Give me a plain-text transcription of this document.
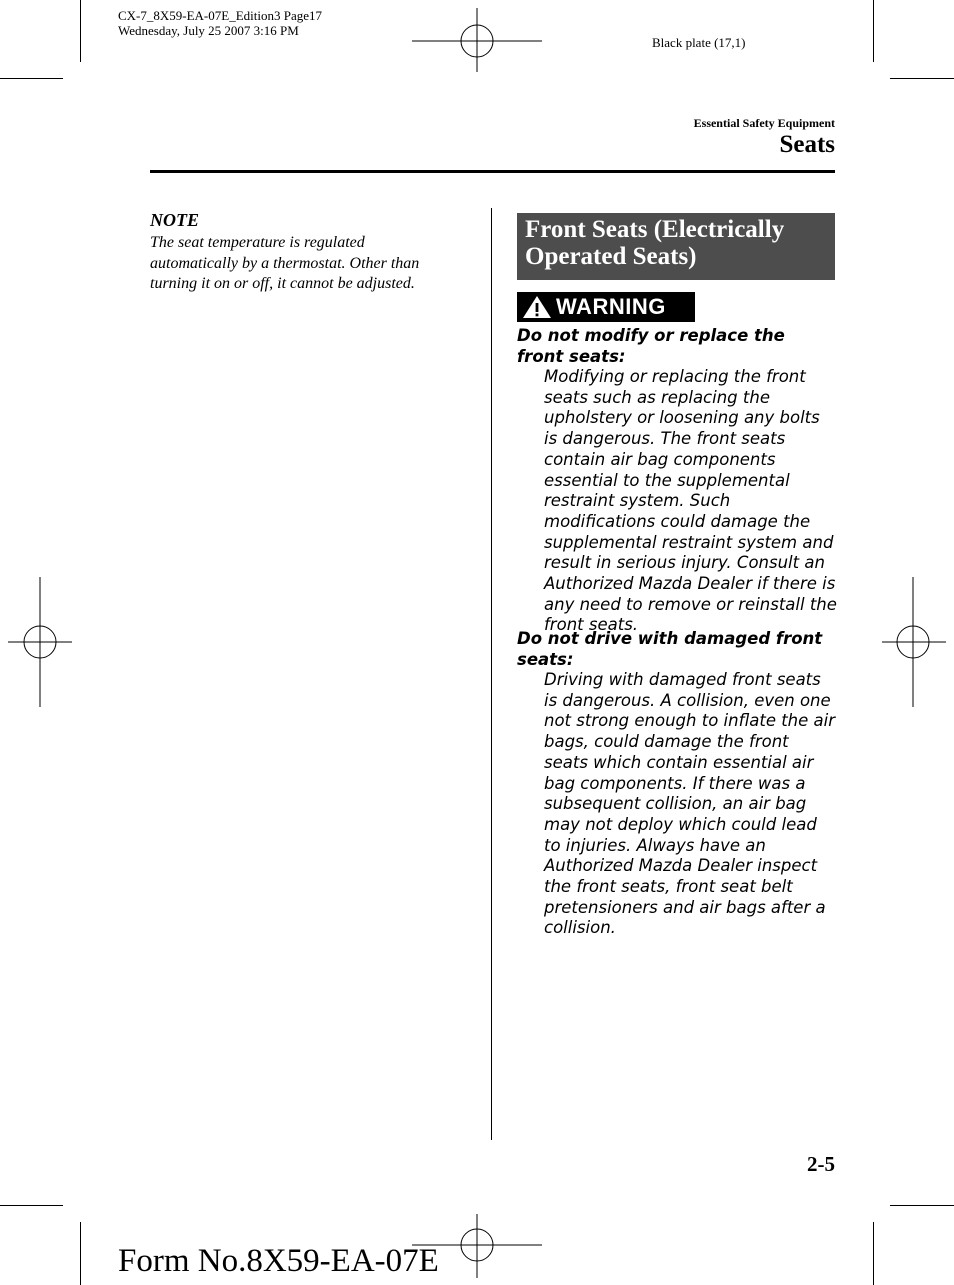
CX-7_8X59-EA-07E_Edition3 Page17
Wednesday, July 25 2007 3:16 PM
Black plate (17,1)
Essential Safety Equipment
Seats
NOTE
The seat temperature is regulated automatically by a thermostat. Other than turning it on or off, it cannot be adjusted.
Front Seats (Electrically
Operated Seats)
WARNING
Do not modify or replace the front seats:
Modifying or replacing the front seats such as replacing the upholstery or loosening any bolts is dangerous. The front seats contain air bag components essential to the supplemental restraint system. Such modifications could damage the supplemental restraint system and result in serious injury. Consult an Authorized Mazda Dealer if there is any need to remove or reinstall the front seats.
Do not drive with damaged front seats:
Driving with damaged front seats is dangerous. A collision, even one not strong enough to inflate the air bags, could damage the front seats which contain essential air bag components. If there was a subsequent collision, an air bag may not deploy which could lead to injuries. Always have an Authorized Mazda Dealer inspect the front seats, front seat belt pretensioners and air bags after a collision.
2-5
Form No.8X59-EA-07E
